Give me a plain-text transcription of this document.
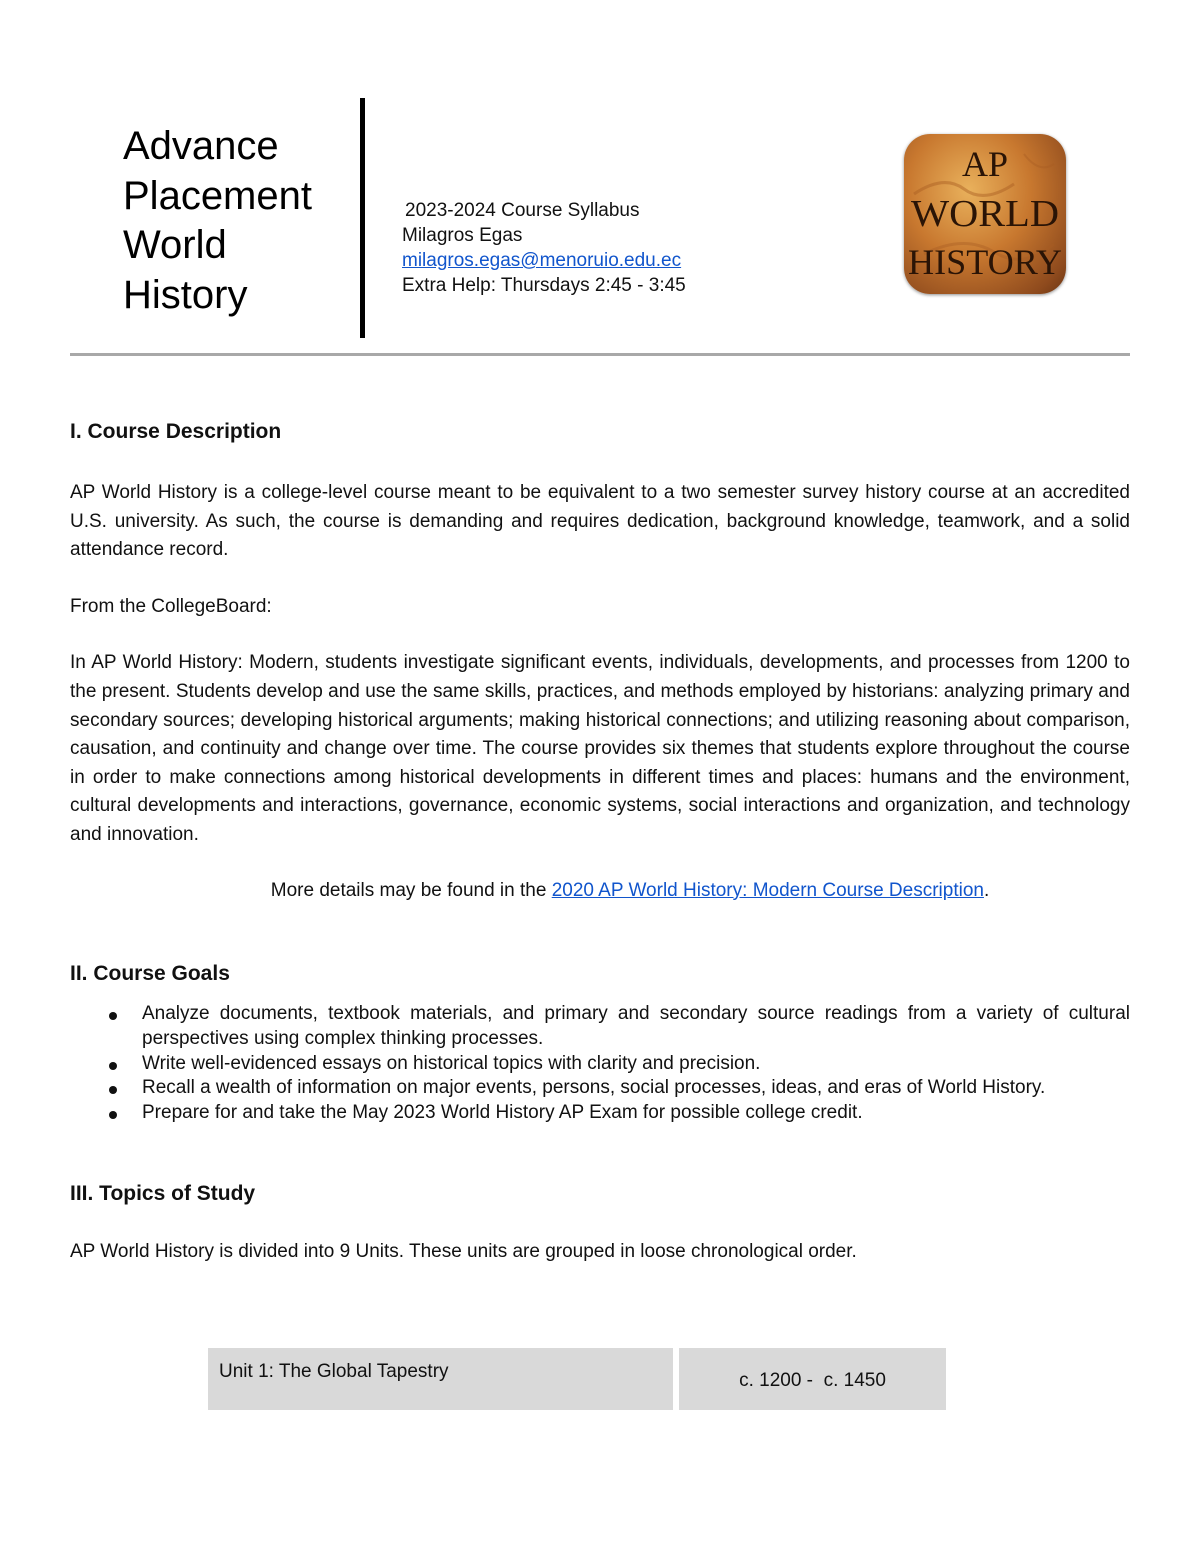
Advance
Placement
World
History
2023-2024 Course Syllabus
Milagros Egas
milagros.egas@menoruio.edu.ec
Extra Help: Thursdays 2:45 - 3:45
AP
WORLD
HISTORY
I. Course Description

AP World History is a college-level course meant to be equivalent to a two semester survey history course at an accredited U.S. university. As such, the course is demanding and requires dedication, background knowledge, teamwork, and a solid attendance record.

From the CollegeBoard:

In AP World History: Modern, students investigate significant events, individuals, developments, and processes from 1200 to the present. Students develop and use the same skills, practices, and methods employed by historians: analyzing primary and secondary sources; developing historical arguments; making historical connections; and utilizing reasoning about comparison, causation, and continuity and change over time. The course provides six themes that students explore throughout the course in order to make connections among historical developments in different times and places: humans and the environment, cultural developments and interactions, governance, economic systems, social interactions and organization, and technology and innovation.

More details may be found in the 2020 AP World History: Modern Course Description.

II. Course Goals
Analyze documents, textbook materials, and primary and secondary source readings from a variety of cultural perspectives using complex thinking processes.
Write well-evidenced essays on historical topics with clarity and precision.
Recall a wealth of information on major events, persons, social processes, ideas, and eras of World History.
Prepare for and take the May 2023 World History AP Exam for possible college credit.
III. Topics of Study

AP World History is divided into 9 Units. These units are grouped in loose chronological order.

Unit 1: The Global Tapestry	c. 1200 -  c. 1450
